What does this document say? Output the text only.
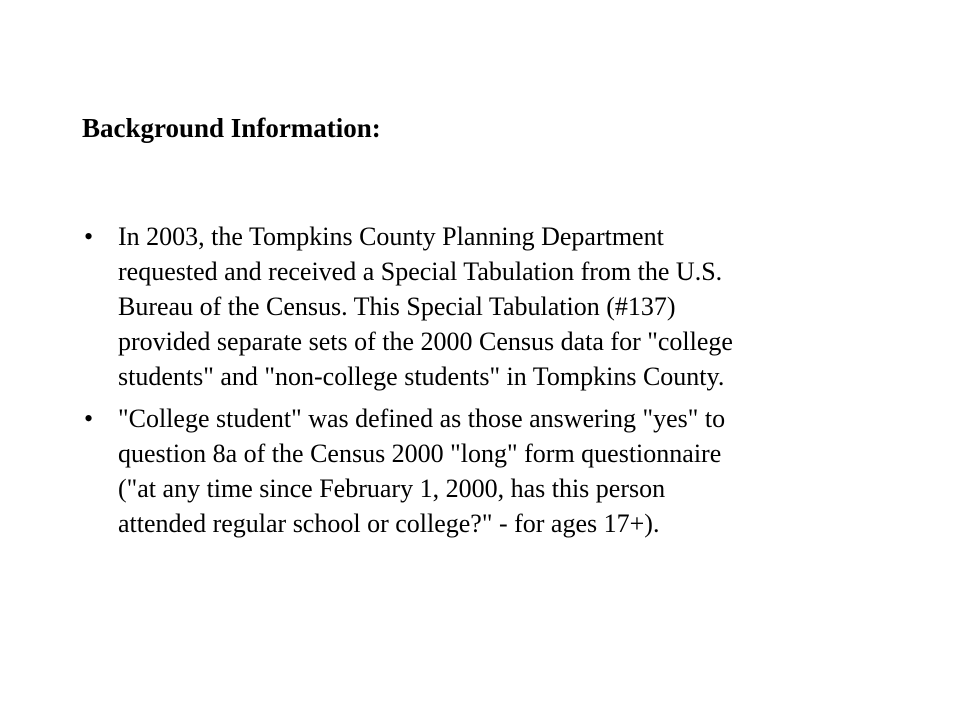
Background Information:
• In 2003, the Tompkins County Planning Department
requested and received a Special Tabulation from the U.S.
Bureau of the Census. This Special Tabulation (#137)
provided separate sets of the 2000 Census data for "college
students" and "non-college students" in Tompkins County.
• "College student" was defined as those answering "yes" to
question 8a of the Census 2000 "long" form questionnaire
("at any time since February 1, 2000, has this person
attended regular school or college?" - for ages 17+).
